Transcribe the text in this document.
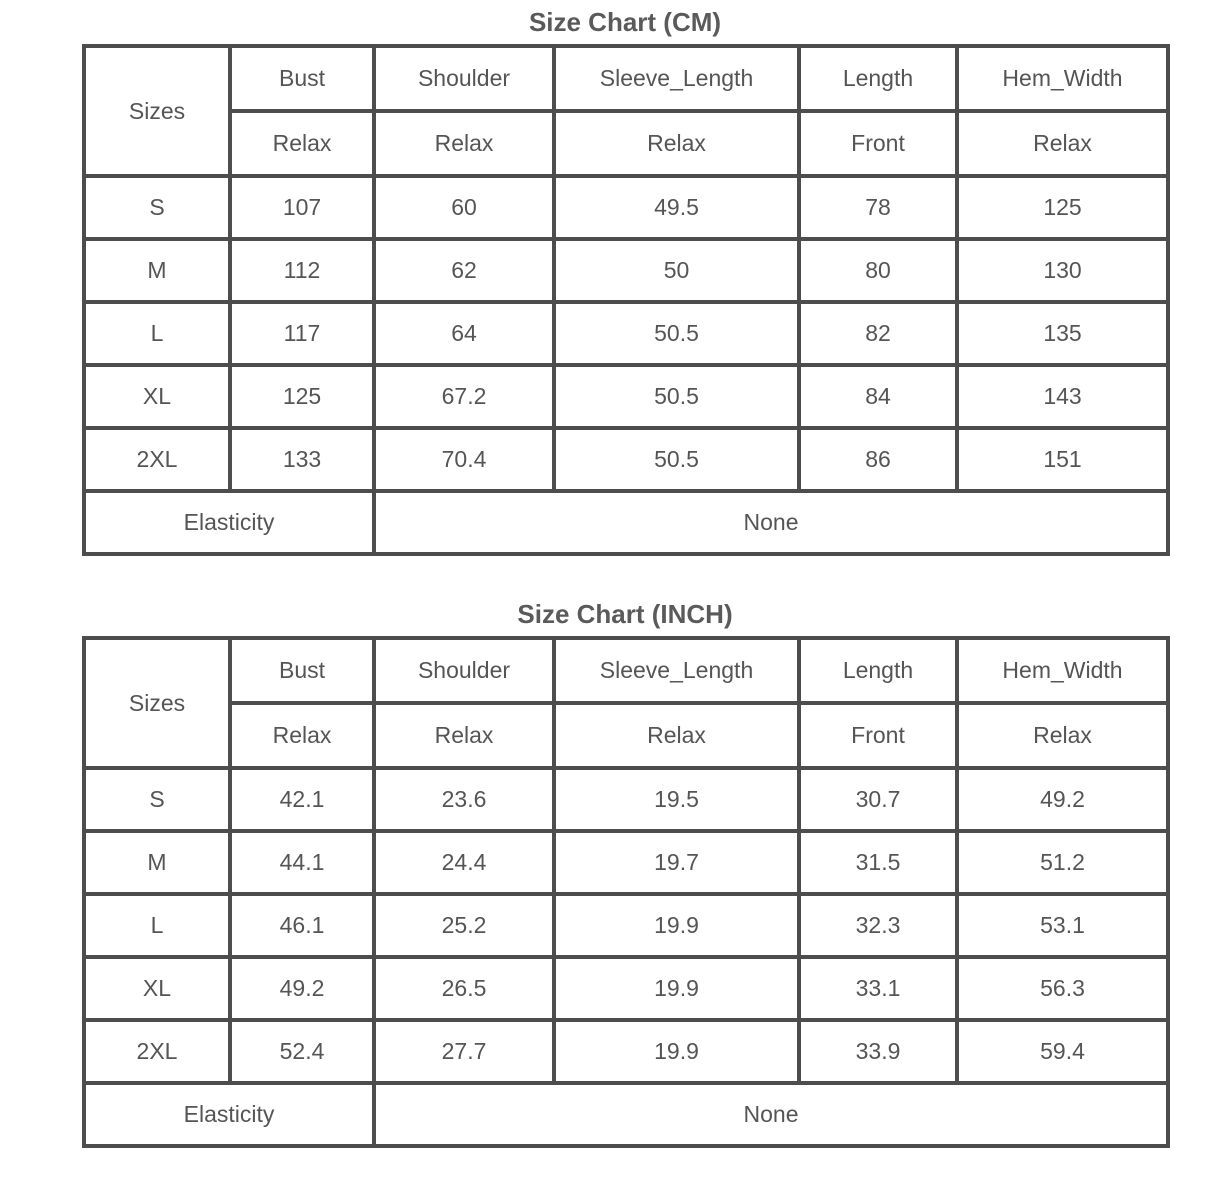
Size Chart (CM)
Sizes	Bust	Shoulder	Sleeve_Length	Length	Hem_Width
	Relax	Relax	Relax	Front	Relax
S	107	60	49.5	78	125
M	112	62	50	80	130
L	117	64	50.5	82	135
XL	125	67.2	50.5	84	143
2XL	133	70.4	50.5	86	151
Elasticity		None			
Size Chart (INCH)
Sizes	Bust	Shoulder	Sleeve_Length	Length	Hem_Width
	Relax	Relax	Relax	Front	Relax
S	42.1	23.6	19.5	30.7	49.2
M	44.1	24.4	19.7	31.5	51.2
L	46.1	25.2	19.9	32.3	53.1
XL	49.2	26.5	19.9	33.1	56.3
2XL	52.4	27.7	19.9	33.9	59.4
Elasticity		None			
